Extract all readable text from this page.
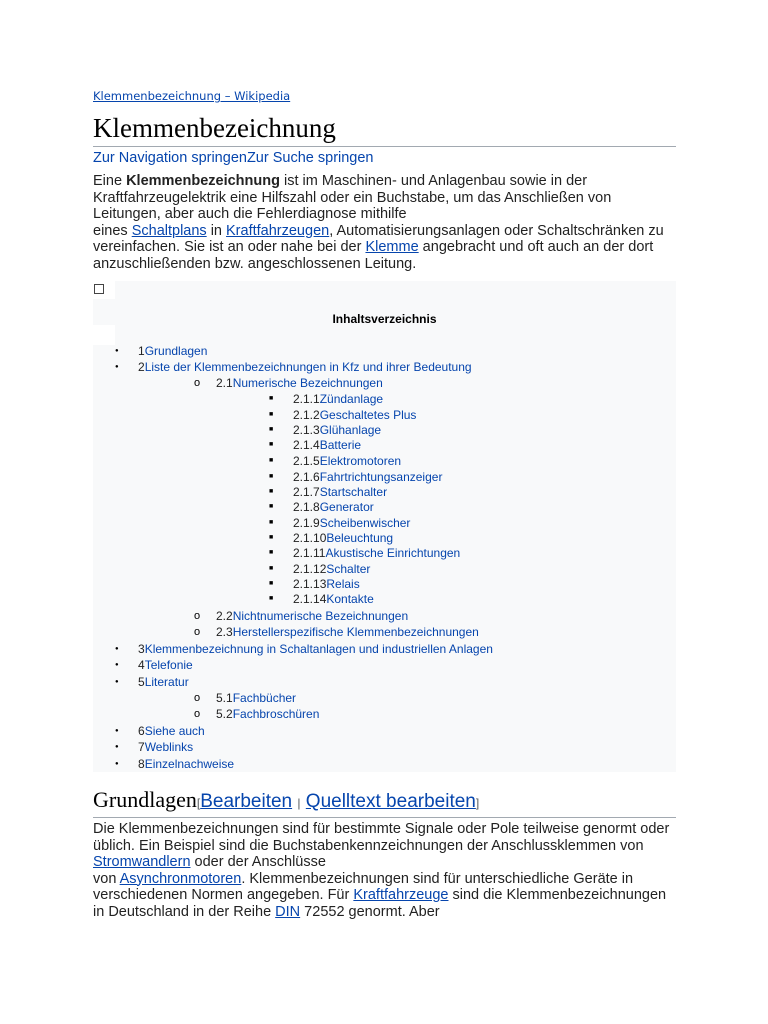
Klemmenbezeichnung – Wikipedia
Klemmenbezeichnung
Zur Navigation springenZur Suche springen
Eine Klemmenbezeichnung ist im Maschinen- und Anlagenbau sowie in der Kraftfahrzeugelektrik eine Hilfszahl oder ein Buchstabe, um das Anschließen von Leitungen, aber auch die Fehlerdiagnose mithilfe
eines Schaltplans in Kraftfahrzeugen, Automatisierungsanlagen oder Schaltschränken zu vereinfachen. Sie ist an oder nahe bei der Klemme angebracht und oft auch an der dort anzuschließenden bzw. angeschlossenen Leitung.
Inhaltsverzeichnis
● 1Grundlagen
● 2Liste der Klemmenbezeichnungen in Kfz und ihrer Bedeutung
o 2.1Numerische Bezeichnungen
■ 2.1.1Zündanlage
■ 2.1.2Geschaltetes Plus
■ 2.1.3Glühanlage
■ 2.1.4Batterie
■ 2.1.5Elektromotoren
■ 2.1.6Fahrtrichtungsanzeiger
■ 2.1.7Startschalter
■ 2.1.8Generator
■ 2.1.9Scheibenwischer
■ 2.1.10Beleuchtung
■ 2.1.11Akustische Einrichtungen
■ 2.1.12Schalter
■ 2.1.13Relais
■ 2.1.14Kontakte
o 2.2Nichtnumerische Bezeichnungen
o 2.3Herstellerspezifische Klemmenbezeichnungen
● 3Klemmenbezeichnung in Schaltanlagen und industriellen Anlagen
● 4Telefonie
● 5Literatur
o 5.1Fachbücher
o 5.2Fachbroschüren
● 6Siehe auch
● 7Weblinks
● 8Einzelnachweise
Grundlagen[Bearbeiten | Quelltext bearbeiten]
Die Klemmenbezeichnungen sind für bestimmte Signale oder Pole teilweise genormt oder üblich. Ein Beispiel sind die Buchstabenkennzeichnungen der Anschlussklemmen von Stromwandlern oder der Anschlüsse
von Asynchronmotoren. Klemmenbezeichnungen sind für unterschiedliche Geräte in verschiedenen Normen angegeben. Für Kraftfahrzeuge sind die Klemmenbezeichnungen in Deutschland in der Reihe DIN 72552 genormt. Aber
